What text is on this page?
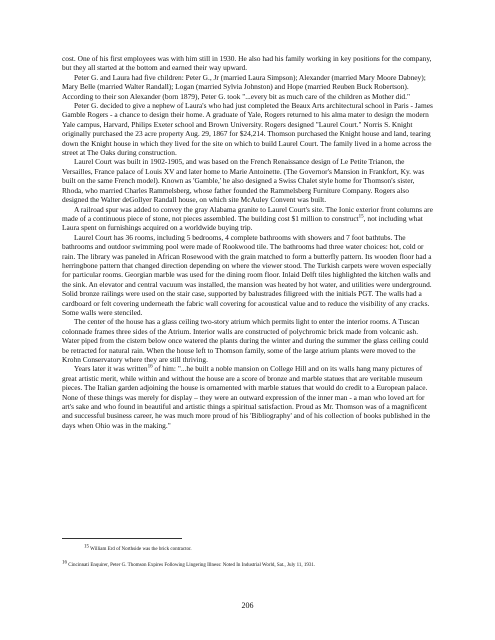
cost. One of his first employees was with him still in 1930. He also had his family working in key positions for the company, but they all started at the bottom and earned their way upward.

Peter G. and Laura had five children: Peter G., Jr (married Laura Simpson); Alexander (married Mary Moore Dabney); Mary Belle (married Walter Randall); Logan (married Sylvia Johnston) and Hope (married Reuben Buck Robertson). According to their son Alexander (born 1879), Peter G. took "...every bit as much care of the children as Mother did."

Peter G. decided to give a nephew of Laura's who had just completed the Beaux Arts architectural school in Paris - James Gamble Rogers - a chance to design their home. A graduate of Yale, Rogers returned to his alma mater to design the modern Yale campus, Harvard, Philips Exeter school and Brown University. Rogers designed "Laurel Court." Norris S. Knight originally purchased the 23 acre property Aug. 29, 1867 for $24,214. Thomson purchased the Knight house and land, tearing down the Knight house in which they lived for the site on which to build Laurel Court. The family lived in a home across the street at The Oaks during construction.

Laurel Court was built in 1902-1905, and was based on the French Renaissance design of Le Petite Trianon, the Versailles, France palace of Louis XV and later home to Marie Antoinette. (The Governor's Mansion in Frankfort, Ky. was built on the same French model). Known as 'Gamble,' he also designed a Swiss Chalet style home for Thomson's sister, Rhoda, who married Charles Rammelsberg, whose father founded the Rammelsberg Furniture Company. Rogers also designed the Walter deGollyer Randall house, on which site McAuley Convent was built.

A railroad spur was added to convey the gray Alabama granite to Laurel Court's site. The Ionic exterior front columns are made of a continuous piece of stone, not pieces assembled. The building cost $1 million to construct$^{15}$, not including what Laura spent on furnishings acquired on a worldwide buying trip.

Laurel Court has 36 rooms, including 5 bedrooms, 4 complete bathrooms with showers and 7 foot bathtubs. The bathrooms and outdoor swimming pool were made of Rookwood tile. The bathrooms had three water choices: hot, cold or rain. The library was paneled in African Rosewood with the grain matched to form a butterfly pattern. Its wooden floor had a herringbone pattern that changed direction depending on where the viewer stood. The Turkish carpets were woven especially for particular rooms. Georgian marble was used for the dining room floor. Inlaid Delft tiles highlighted the kitchen walls and the sink. An elevator and central vacuum was installed, the mansion was heated by hot water, and utilities were underground. Solid bronze railings were used on the stair case, supported by balustrades filigreed with the initials PGT. The walls had a cardboard or felt covering underneath the fabric wall covering for acoustical value and to reduce the visibility of any cracks. Some walls were stenciled.

The center of the house has a glass ceiling two-story atrium which permits light to enter the interior rooms. A Tuscan colonnade frames three sides of the Atrium. Interior walls are constructed of polychromic brick made from volcanic ash. Water piped from the cistern below once watered the plants during the winter and during the summer the glass ceiling could be retracted for natural rain. When the house left to Thomson family, some of the large atrium plants were moved to the Krohn Conservatory where they are still thriving.

Years later it was written$^{16}$ of him: "...he built a noble mansion on College Hill and on its walls hang many pictures of great artistic merit, while within and without the house are a score of bronze and marble statues that are veritable museum pieces. The Italian garden adjoining the house is ornamented with marble statues that would do credit to a European palace. None of these things was merely for display – they were an outward expression of the inner man - a man who loved art for art's sake and who found in beautiful and artistic things a spiritual satisfaction. Proud as Mr. Thomson was of a magnificent and successful business career, he was much more proud of his 'Bibliography' and of his collection of books published in the days when Ohio was in the making."

$^{15}$ William Erd of Northside was the brick contractor.

$^{16}$ Cincinnati Enquirer, Peter G. Thomson Expires Following Lingering Illness: Noted In Industrial World, Sat., July 11, 1931.

206
